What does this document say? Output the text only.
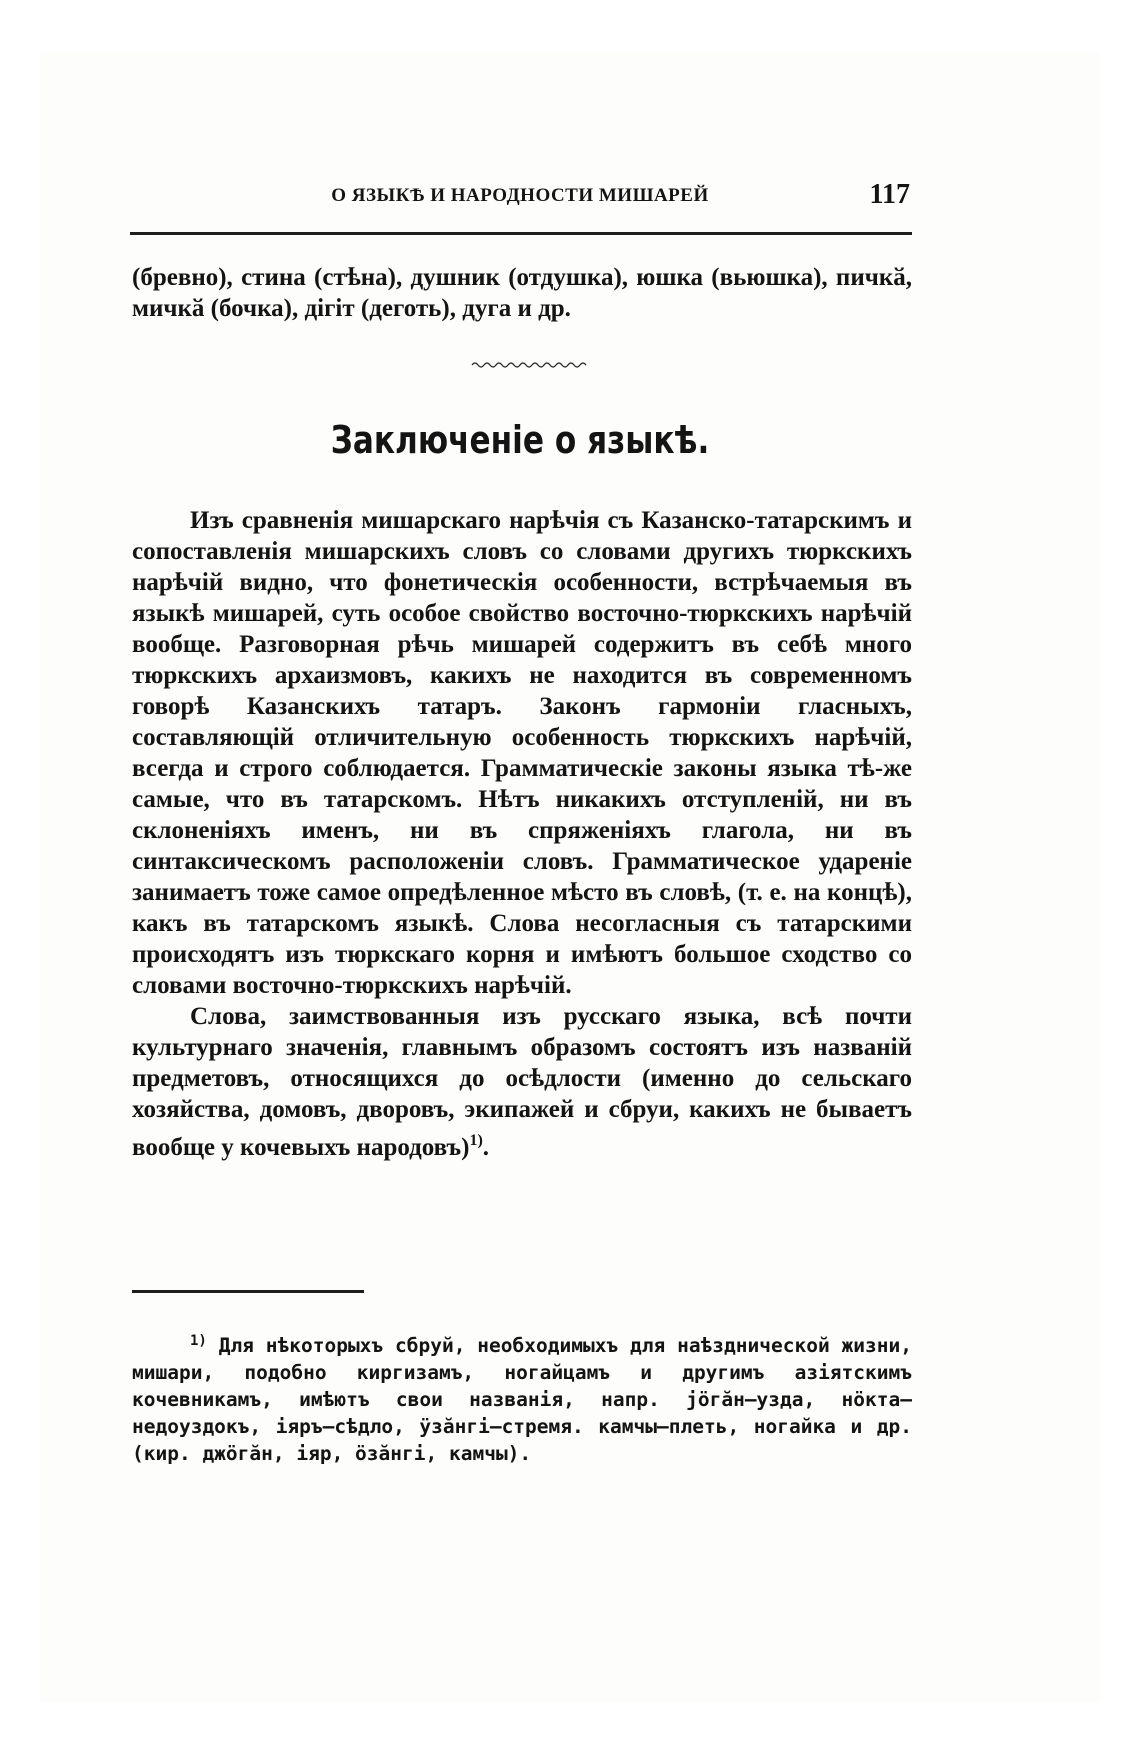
О ЯЗЫКѢ И НАРОДНОСТИ МИШАРЕЙ	117

(бревно), стина (стѣна), душник (отдушка), юшка (вьюшка), пичкӑ, мичкӑ (бочка), дігіт (деготь), дуга и др.

Заключеніе о языкѣ.

Изъ сравненія мишарскаго нарѣчія съ Казанско-татарскимъ и сопоставленія мишарскихъ словъ со словами другихъ тюркскихъ нарѣчій видно, что фонетическія особенности, встрѣчаемыя въ языкѣ мишарей, суть особое свойство восточно-тюркскихъ нарѣчій вообще. Разговорная рѣчь мишарей содержитъ въ себѣ много тюркскихъ архаизмовъ, какихъ не находится въ современномъ говорѣ Казанскихъ татаръ. Законъ гармоніи гласныхъ, составляющій отличительную особенность тюркскихъ нарѣчій, всегда и строго соблюдается. Грамматическіе законы языка тѣ-же самые, что въ татарскомъ. Нѣтъ никакихъ отступленій, ни въ склоненіяхъ именъ, ни въ спряженіяхъ глагола, ни въ синтаксическомъ расположеніи словъ. Грамматическое удареніе занимаетъ тоже самое опредѣленное мѣсто въ словѣ, (т. е. на концѣ), какъ въ татарскомъ языкѣ. Слова несогласныя съ татарскими происходятъ изъ тюркскаго корня и имѣютъ большое сходство со словами восточно-тюркскихъ нарѣчій.

Слова, заимствованныя изъ русскаго языка, всѣ почти культурнаго значенія, главнымъ образомъ состоятъ изъ названій предметовъ, относящихся до осѣдлости (именно до сельскаго хозяйства, домовъ, дворовъ, экипажей и сбруи, какихъ не бываетъ вообще у кочевыхъ народовъ)$^{1)}$.

$^{1)}$ Для нѣкоторыхъ сбруй, необходимыхъ для наѣзднической жизни, мишари, подобно киргизамъ, ногайцамъ и другимъ азіятскимъ кочевникамъ, имѣютъ свои названія, напр. јӧгӑн—узда, нӧкта—недоуздокъ, іяръ—сѣдло, ӱзӑнгі—стремя. камчы—плеть, ногайка и др. (кир. джӧгӑн, іяр, ӧзӑнгі, камчы).
